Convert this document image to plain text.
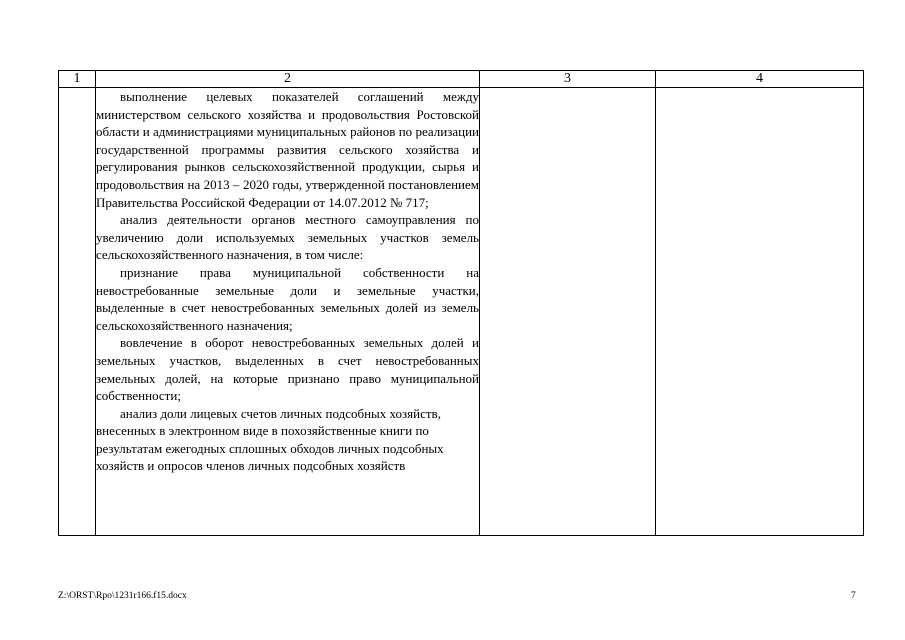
1	2	3	4

	выполнение целевых показателей соглашений между министерством сельского хозяйства и продовольствия Ростовской области и администрациями муниципальных районов по реализации государственной программы развития сельского хозяйства и регулирования рынков сельскохозяйственной продукции, сырья и продовольствия на 2013 – 2020 годы, утвержденной постановлением Правительства Российской Федерации от 14.07.2012 № 717;

анализ деятельности органов местного самоуправления по увеличению доли используемых земельных участков земель сельскохозяйственного назначения, в том числе:

признание права муниципальной собственности на невостребованные земельные доли и земельные участки, выделенные в счет невостребованных земельных долей из земель сельскохозяйственного назначения;

вовлечение в оборот невостребованных земельных долей и земельных участков, выделенных в счет невостребованных земельных долей, на которые признано право муниципальной собственности;

анализ доли лицевых счетов личных подсобных хозяйств, внесенных в электронном виде в похозяйственные книги по результатам ежегодных сплошных обходов личных подсобных хозяйств и опросов членов личных подсобных хозяйств		

Z:\ORST\Rpo\1231r166.f15.docx	7
